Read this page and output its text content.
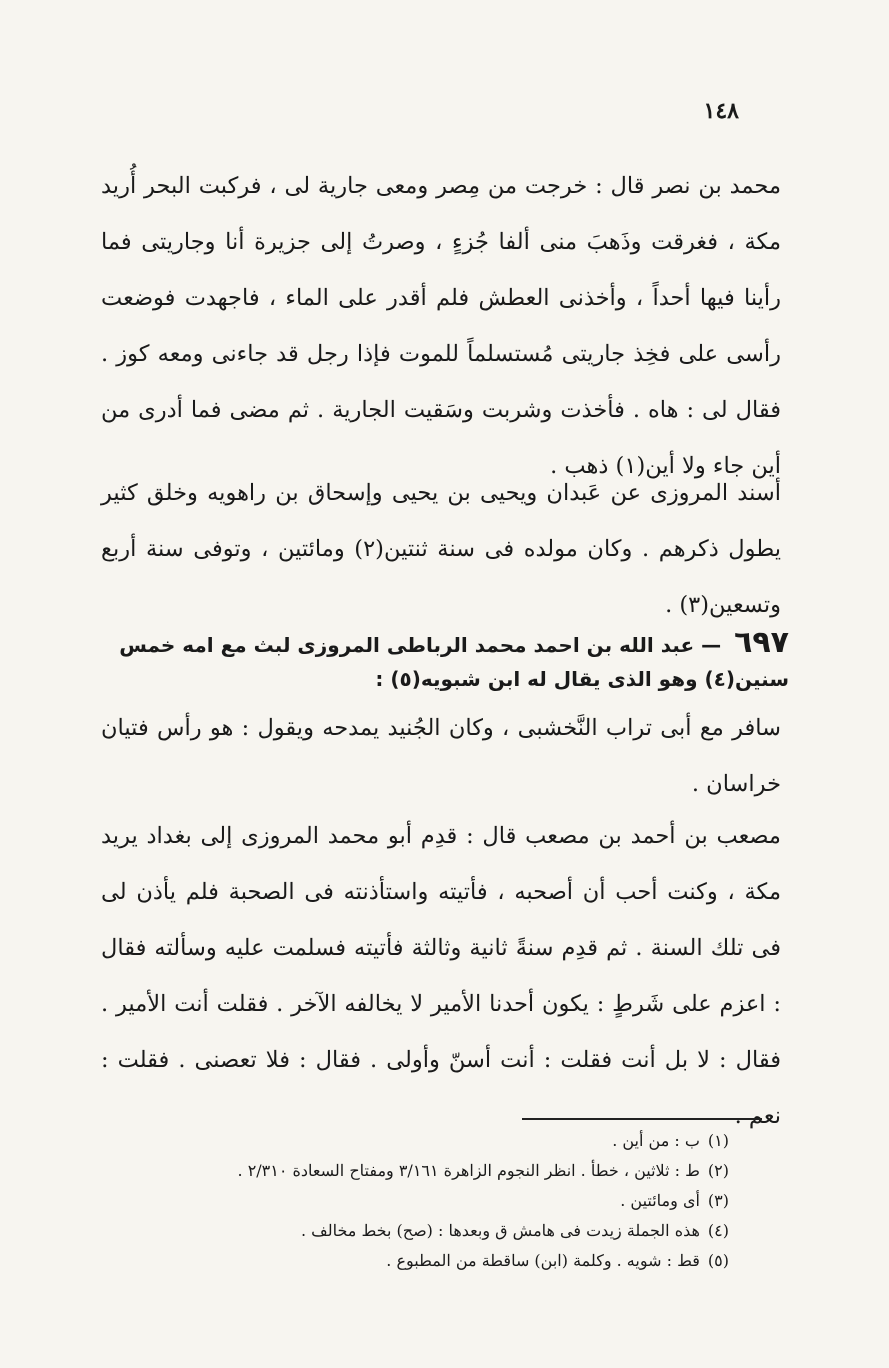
١٤٨

محمد بن نصر قال : خرجت من مِصر ومعى جارية لى ، فركبت البحر أُريد مكة ، فغرقت وذَهبَ منى ألفا جُزءٍ ، وصرتُ إلى جزيرة أنا وجاريتى فما رأينا فيها أحداً ، وأخذنى العطش فلم أقدر على الماء ، فاجهدت فوضعت رأسى على فخِذ جاريتى مُستسلماً للموت فإذا رجل قد جاءنى ومعه كوز . فقال لى : هاه . فأخذت وشربت وسَقيت الجارية . ثم مضى فما أدرى من أين جاء ولا أين(١) ذهب .

أسند المروزى عن عَبدان ويحيى بن يحيى وإسحاق بن راهويه وخلق كثير يطول ذكرهم . وكان مولده فى سنة ثنتين(٢) ومائتين ، وتوفى سنة أربع وتسعين(٣) .

٦٩٧ — عبد الله بن احمد محمد الرباطى المروزى لبث مع امه خمس سنين(٤) وهو الذى يقال له ابن شبويه(٥) :

سافر مع أبى تراب النَّخشبى ، وكان الجُنيد يمدحه ويقول : هو رأس فتيان خراسان .

مصعب بن أحمد بن مصعب قال : قدِم أبو محمد المروزى إلى بغداد يريد مكة ، وكنت أحب أن أصحبه ، فأتيته واستأذنته فى الصحبة فلم يأذن لى فى تلك السنة . ثم قدِم سنةً ثانية وثالثة فأتيته فسلمت عليه وسألته فقال : اعزم على شَرطٍ : يكون أحدنا الأمير لا يخالفه الآخر . فقلت أنت الأمير . فقال : لا بل أنت فقلت : أنت أسنّ وأولى . فقال : فلا تعصنى . فقلت : نعم .

(١)ب : من أين .
(٢)ط : ثلاثين ، خطأ . انظر النجوم الزاهرة ٣/١٦١ ومفتاح السعادة ٢/٣١٠ .
(٣)أى ومائتين .
(٤)هذه الجملة زيدت فى هامش ق وبعدها : (صح) بخط مخالف .
(٥)قط : شويه . وكلمة (ابن) ساقطة من المطبوع .
